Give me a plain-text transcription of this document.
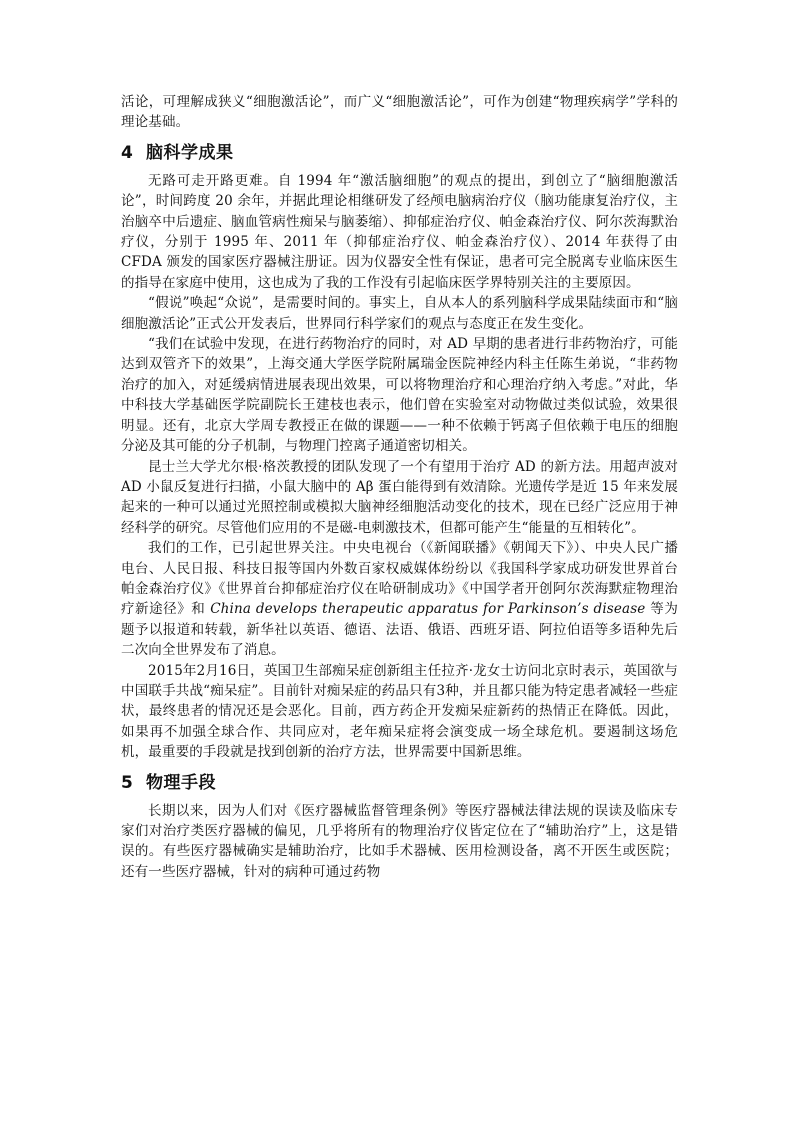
活论，可理解成狭义“细胞激活论”，而广义“细胞激活论”，可作为创建“物理疾病学”学科的理论基础。

4 脑科学成果

无路可走开路更难。自 1994 年“激活脑细胞”的观点的提出，到创立了“脑细胞激活论”，时间跨度 20 余年，并据此理论相继研发了经颅电脑病治疗仪（脑功能康复治疗仪，主治脑卒中后遗症、脑血管病性痴呆与脑萎缩）、抑郁症治疗仪、帕金森治疗仪、阿尔茨海默治疗仪，分别于 1995 年、2011 年（抑郁症治疗仪、帕金森治疗仪）、2014 年获得了由 CFDA 颁发的国家医疗器械注册证。因为仪器安全性有保证，患者可完全脱离专业临床医生的指导在家庭中使用，这也成为了我的工作没有引起临床医学界特别关注的主要原因。

“假说”唤起“众说”，是需要时间的。事实上，自从本人的系列脑科学成果陆续面市和“脑细胞激活论”正式公开发表后，世界同行科学家们的观点与态度正在发生变化。

“我们在试验中发现，在进行药物治疗的同时，对 AD 早期的患者进行非药物治疗，可能达到双管齐下的效果”，上海交通大学医学院附属瑞金医院神经内科主任陈生弟说，“非药物治疗的加入，对延缓病情进展表现出效果，可以将物理治疗和心理治疗纳入考虑。”对此，华中科技大学基础医学院副院长王建枝也表示，他们曾在实验室对动物做过类似试验，效果很明显。还有，北京大学周专教授正在做的课题——一种不依赖于钙离子但依赖于电压的细胞分泌及其可能的分子机制，与物理门控离子通道密切相关。

昆士兰大学尤尔根·格茨教授的团队发现了一个有望用于治疗 AD 的新方法。用超声波对 AD 小鼠反复进行扫描，小鼠大脑中的 Aβ 蛋白能得到有效清除。光遗传学是近 15 年来发展起来的一种可以通过光照控制或模拟大脑神经细胞活动变化的技术，现在已经广泛应用于神经科学的研究。尽管他们应用的不是磁-电刺激技术，但都可能产生“能量的互相转化”。

我们的工作，已引起世界关注。中央电视台（《新闻联播》《朝闻天下》）、中央人民广播电台、人民日报、科技日报等国内外数百家权威媒体纷纷以《我国科学家成功研发世界首台帕金森治疗仪》《世界首台抑郁症治疗仪在哈研制成功》《中国学者开创阿尔茨海默症物理治疗新途径》和 China develops therapeutic apparatus for Parkinson’s disease 等为题予以报道和转载，新华社以英语、德语、法语、俄语、西班牙语、阿拉伯语等多语种先后二次向全世界发布了消息。

2015年2月16日，英国卫生部痴呆症创新组主任拉齐·龙女士访问北京时表示，英国欲与中国联手共战“痴呆症”。目前针对痴呆症的药品只有3种，并且都只能为特定患者减轻一些症状，最终患者的情况还是会恶化。目前，西方药企开发痴呆症新药的热情正在降低。因此，如果再不加强全球合作、共同应对，老年痴呆症将会演变成一场全球危机。要遏制这场危机，最重要的手段就是找到创新的治疗方法，世界需要中国新思维。

5 物理手段

长期以来，因为人们对《医疗器械监督管理条例》等医疗器械法律法规的误读及临床专家们对治疗类医疗器械的偏见，几乎将所有的物理治疗仪皆定位在了“辅助治疗”上，这是错误的。有些医疗器械确实是辅助治疗，比如手术器械、医用检测设备，离不开医生或医院；还有一些医疗器械，针对的病种可通过药物
